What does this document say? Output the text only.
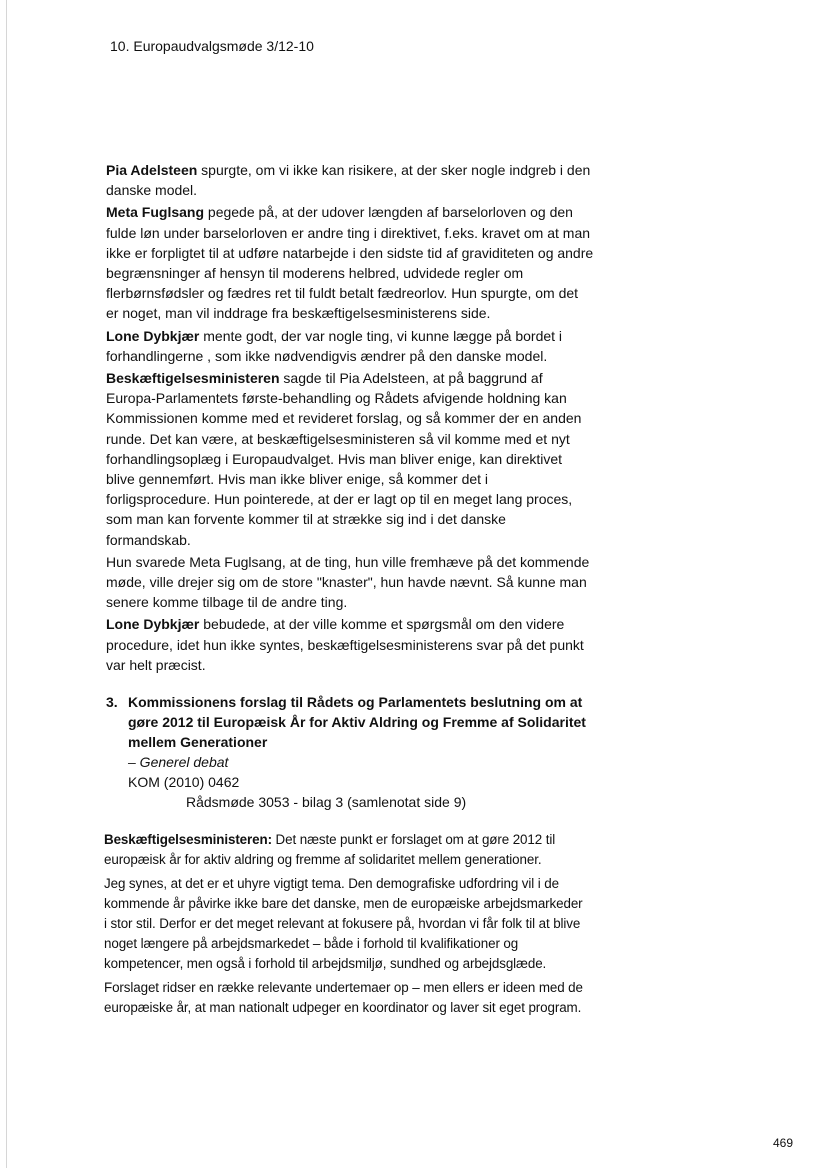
10. Europaudvalgsmøde 3/12-10

Pia Adelsteen spurgte, om vi ikke kan risikere, at der sker nogle indgreb i den danske model.

Meta Fuglsang pegede på, at der udover længden af barselorloven og den fulde løn under barselorloven er andre ting i direktivet, f.eks. kravet om at man ikke er forpligtet til at udføre natarbejde i den sidste tid af graviditeten og andre begrænsninger af hensyn til moderens helbred, udvidede regler om flerbørnsfødsler og fædres ret til fuldt betalt fædreorlov. Hun spurgte, om det er noget, man vil inddrage fra beskæftigelsesministerens side.

Lone Dybkjær mente godt, der var nogle ting, vi kunne lægge på bordet i forhandlingerne , som ikke nødvendigvis ændrer på den danske model.

Beskæftigelsesministeren sagde til Pia Adelsteen, at på baggrund af Europa-Parlamentets første-behandling og Rådets afvigende holdning kan Kommissionen komme med et revideret forslag, og så kommer der en anden runde. Det kan være, at beskæftigelsesministeren så vil komme med et nyt forhandlingsoplæg i Europaudvalget. Hvis man bliver enige, kan direktivet blive gennemført. Hvis man ikke bliver enige, så kommer det i forligsprocedure. Hun pointerede, at der er lagt op til en meget lang proces, som man kan forvente kommer til at strække sig ind i det danske formandskab.

Hun svarede Meta Fuglsang, at de ting, hun ville fremhæve på det kommende møde, ville drejer sig om de store "knaster", hun havde nævnt. Så kunne man senere komme tilbage til de andre ting.

Lone Dybkjær bebudede, at der ville komme et spørgsmål om den videre procedure, idet hun ikke syntes, beskæftigelsesministerens svar på det punkt var helt præcist.

3. Kommissionens forslag til Rådets og Parlamentets beslutning om at gøre 2012 til Europæisk År for Aktiv Aldring og Fremme af Solidaritet mellem Generationer
– Generel debat
KOM (2010) 0462
Rådsmøde 3053 - bilag 3 (samlenotat side 9)

Beskæftigelsesministeren: Det næste punkt er forslaget om at gøre 2012 til europæisk år for aktiv aldring og fremme af solidaritet mellem generationer.

Jeg synes, at det er et uhyre vigtigt tema. Den demografiske udfordring vil i de kommende år påvirke ikke bare det danske, men de europæiske arbejdsmarkeder i stor stil. Derfor er det meget relevant at fokusere på, hvordan vi får folk til at blive noget længere på arbejdsmarkedet – både i forhold til kvalifikationer og kompetencer, men også i forhold til arbejdsmiljø, sundhed og arbejdsglæde.

Forslaget ridser en række relevante undertemaer op – men ellers er ideen med de europæiske år, at man nationalt udpeger en koordinator og laver sit eget program.

469
